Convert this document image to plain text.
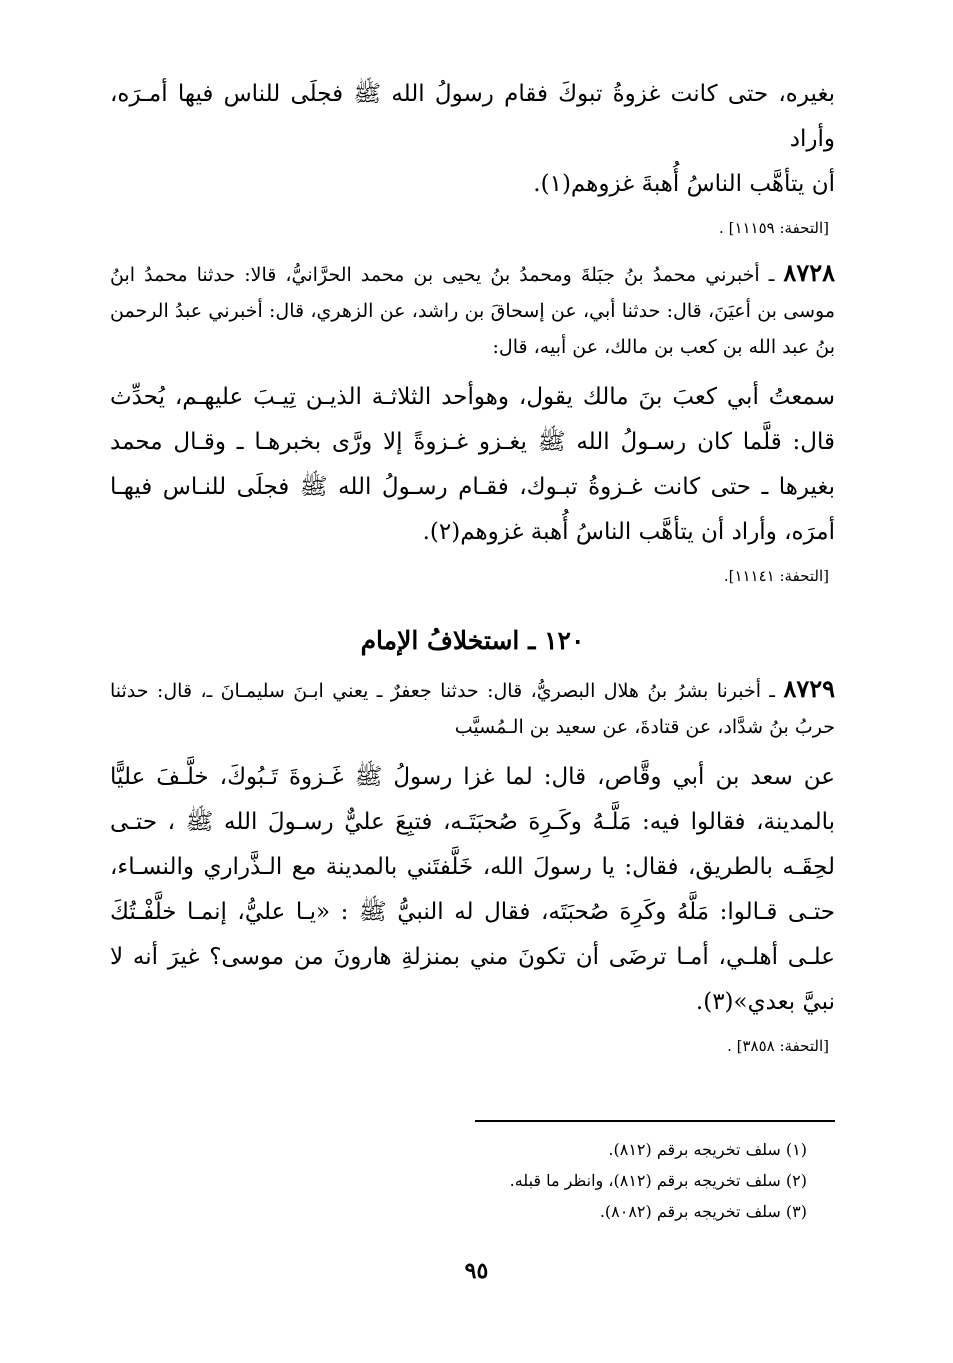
بغيره، حتى كانت غزوةُ تبوكَ فقام رسولُ الله ﷺ فجلَى للناس فيها أمـرَه، وأراد
أن يتأهَّب الناسُ أُهبةَ غزوهم(١).

[التحفة: ١١١٥٩] .

٨٧٢٨ ـ أخبرني محمدُ بنُ جبَلةَ ومحمدُ بنُ يحيى بن محمد الحرَّانيُّ، قالا: حدثنا محمدُ ابنُ موسى بن أعيَنَ، قال: حدثنا أبي، عن إسحاقَ بن راشد، عن الزهري، قال: أخبرني عبدُ الرحمن بنُ عبد الله بن كعب بن مالك، عن أبيه، قال:

سمعتُ أبي كعبَ بنَ مالك يقول، وهوأحد الثلاثـة الذيـن تِيـبَ عليهـم، يُحدِّث قال: قلَّما كان رسـولُ الله ﷺ يغـزو غـزوةً إلا ورَّى بخبرهـا ـ وقـال محمد بغيرها ـ حتى كانت غـزوةُ تبـوك، فقـام رسـولُ الله ﷺ فجلَى للنـاس فيهـا أمرَه، وأراد أن يتأهَّب الناسُ أُهبة غزوهم(٢).

[التحفة: ١١١٤١].

١٢٠ ـ استخلافُ الإمام

٨٧٢٩ ـ أخبرنا بشرُ بنُ هلال البصريُّ، قال: حدثنا جعفرٌ ـ يعني ابـنَ سليمـانَ ـ، قال: حدثنا حربُ بنُ شدَّاد، عن قتادةَ، عن سعيد بن الـمُسيَّب

عن سعد بن أبي وقَّاص، قال: لما غزا رسولُ ﷺ غَـزوةَ تَـبُوكَ، خلَّـفَ عليًّا بالمدينة، فقالوا فيه: مَلَّـهُ وكَـرِهَ صُحبَتَـه، فتبِعَ عليٌّ رسـولَ الله ﷺ ، حتـى لحِقَـه بالطريق، فقال: يا رسولَ الله، خَلَّفتَني بالمدينة مع الـذَّراري والنسـاء، حتـى قـالوا: مَلَّهُ وكَرِهَ صُحبَتَه، فقال له النبيُّ ﷺ : «يـا عليُّ، إنمـا خلَّفْـتُكَ علـى أهلـي، أمـا ترضَى أن تكونَ مني بمنزلةِ هارونَ من موسى؟ غيرَ أنه لا نبيَّ بعدي»(٣).

[التحفة: ٣٨٥٨] .

(١) سلف تخريجه برقم (٨١٢).

(٢) سلف تخريجه برقم (٨١٢)، وانظر ما قبله.

(٣) سلف تخريجه برقم (٨٠٨٢).

٩٥
